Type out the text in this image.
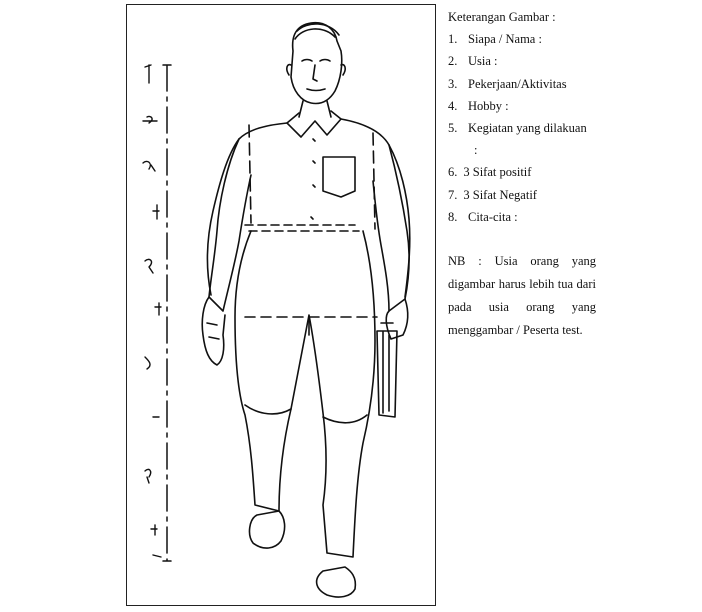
Keterangan Gambar :

1. Siapa / Nama :
2. Usia :
3. Pekerjaan/Aktivitas
4. Hobby :
5. Kegiatan yang dilakuan
:
6. 3 Sifat positif
7. 3 Sifat Negatif
8. Cita-cita :

NB : Usia orang yang digambar harus lebih tua dari pada usia orang yang menggambar / Peserta test.
